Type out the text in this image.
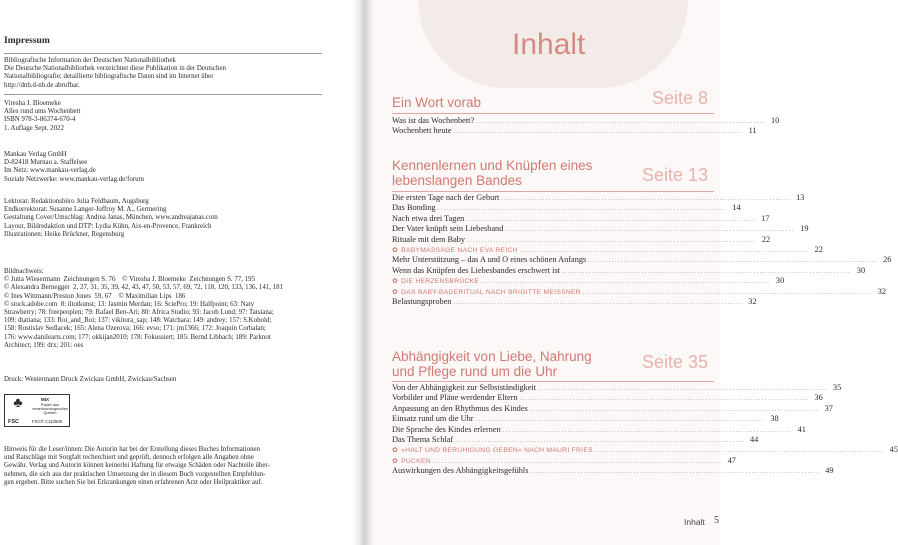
Impressum

Bibliografische Information der Deutschen Nationalbibliothek

Die Deutsche Nationalbibliothek verzeichnet diese Publikation in der Deutschen

Nationalbibliografie; detaillierte bibliografische Daten sind im Internet über

http://dnb.d-nb.de abrufbar.

Viresha J. Bloemeke

Alles rund ums Wochenbett

ISBN 978-3-86374-670-4

1. Auflage Sept. 2022

Mankau Verlag GmbH

D-82418 Murnau a. Staffelsee

Im Netz: www.mankau-verlag.de

Soziale Netzwerke: www.mankau-verlag.de/forum

Lektorat: Redaktionsbüro Julia Feldbaum, Augsburg

Endkorrektorat: Susanne Langer-Joffroy M. A., Germering

Gestaltung Cover/Umschlag: Andrea Janas, München, www.andreajanas.com

Layout, Bildredaktion und DTP: Lydia Kühn, Aix-en-Provence, Frankreich

Illustrationen: Heike Brückner, Regensburg

Bildnachweis:

© Jutta Wiesermann  Zeichnungen S. 76    © Viresha J. Bloemeke  Zeichnungen S. 77, 195

© Alexandra Bernegger  2, 27, 31, 35, 39, 42, 43, 47, 50, 53, 57, 69, 72, 118, 120, 133, 136, 141, 181

© Ines Wittmann/Preston Jones  59, 67    © Maximilian Lips  186

© stock.adobe.com  8: iltotkunst; 13: Jasmin Merdan; 16: SciePro; 19: Halfpoint; 63: Naty

Strawberry; 78: freepeoplen; 79: Rafael Ben-Ari; 80: Africa Studio; 93: Jacob Lund; 97: Tatsiana;

109: dtatiana; 133: Roi_and_Roi; 137: vikitora_sap; 148: Watchara; 149: andrey; 157: S.Kobold;

158: Rostislav Sedlacek; 165: Alena Ozerova; 166: evso; 171: jm1366; 172: Joaquin Corbalan;

176: www.danilearts.com; 177: okkijan2010; 178: Fokussiert; 185: Bernd Libbach; 189: Parknot

Architect; 199: drx; 201: oes

Druck: Westermann Druck Zwickau GmbH, Zwickau/Sachsen
♣
FSC
MIX
Papier aus verantwortungsvollen Quellen
FSC® C110508

Hinweis für die Leser/innen: Die Autorin hat bei der Erstellung dieses Buches Informationen

und Ratschläge mit Sorgfalt recherchiert und geprüft, dennoch erfolgen alle Angaben ohne

Gewähr. Verlag und Autorin können keinerlei Haftung für etwaige Schäden oder Nachteile über-

nehmen, die sich aus der praktischen Umsetzung der in diesem Buch vorgestellten Empfehlun-

gen ergeben. Bitte suchen Sie bei Erkrankungen einen erfahrenen Arzt oder Heilpraktiker auf.

Inhalt
Ein Wort vorab	Seite 8
Was ist das Wochenbett? .................................................................................................. 10
Wochenbett heute .................................................................................................. 11
Kennenlernen und Knüpfen eines
lebenslangen Bandes	Seite 13
Die ersten Tage nach der Geburt .................................................................................................. 13
Das Bonding .................................................................................................. 14
Nach etwa drei Tagen .................................................................................................. 17
Der Vater knüpft sein Liebesband .................................................................................................. 19
Rituale mit dem Baby .................................................................................................. 22
✿ BABYMASSAGE NACH EVA REICH .................................................................................................. 22
Mehr Unterstützung – das A und O eines schönen Anfangs .................................................................................................. 26
Wenn das Knüpfen des Liebesbandes erschwert ist .................................................................................................. 30
✿ DIE HERZENSBRÜCKE .................................................................................................. 30
✿ DAS BABY-BADERITUAL NACH BRIGITTE MEISSNER .................................................................................................. 32
Belastungsproben .................................................................................................. 32
Abhängigkeit von Liebe, Nahrung
und Pflege rund um die Uhr	Seite 35
Von der Abhängigkeit zur Selbstständigkeit .................................................................................................. 35
Vorbilder und Pläne werdender Eltern .................................................................................................. 36
Anpassung an den Rhythmus des Kindes .................................................................................................. 37
Einsatz rund um die Uhr .................................................................................................. 38
Die Sprache des Kindes erlernen .................................................................................................. 41
Das Thema Schlaf .................................................................................................. 44
✿ »HALT UND BERUHIGUNG GEBEN« NACH MAURI FRIES .................................................................................................. 45
✿ PUCKEN .................................................................................................. 47
Auswirkungen des Abhängigkeitsgefühls .................................................................................................. 49
Inhalt 5
